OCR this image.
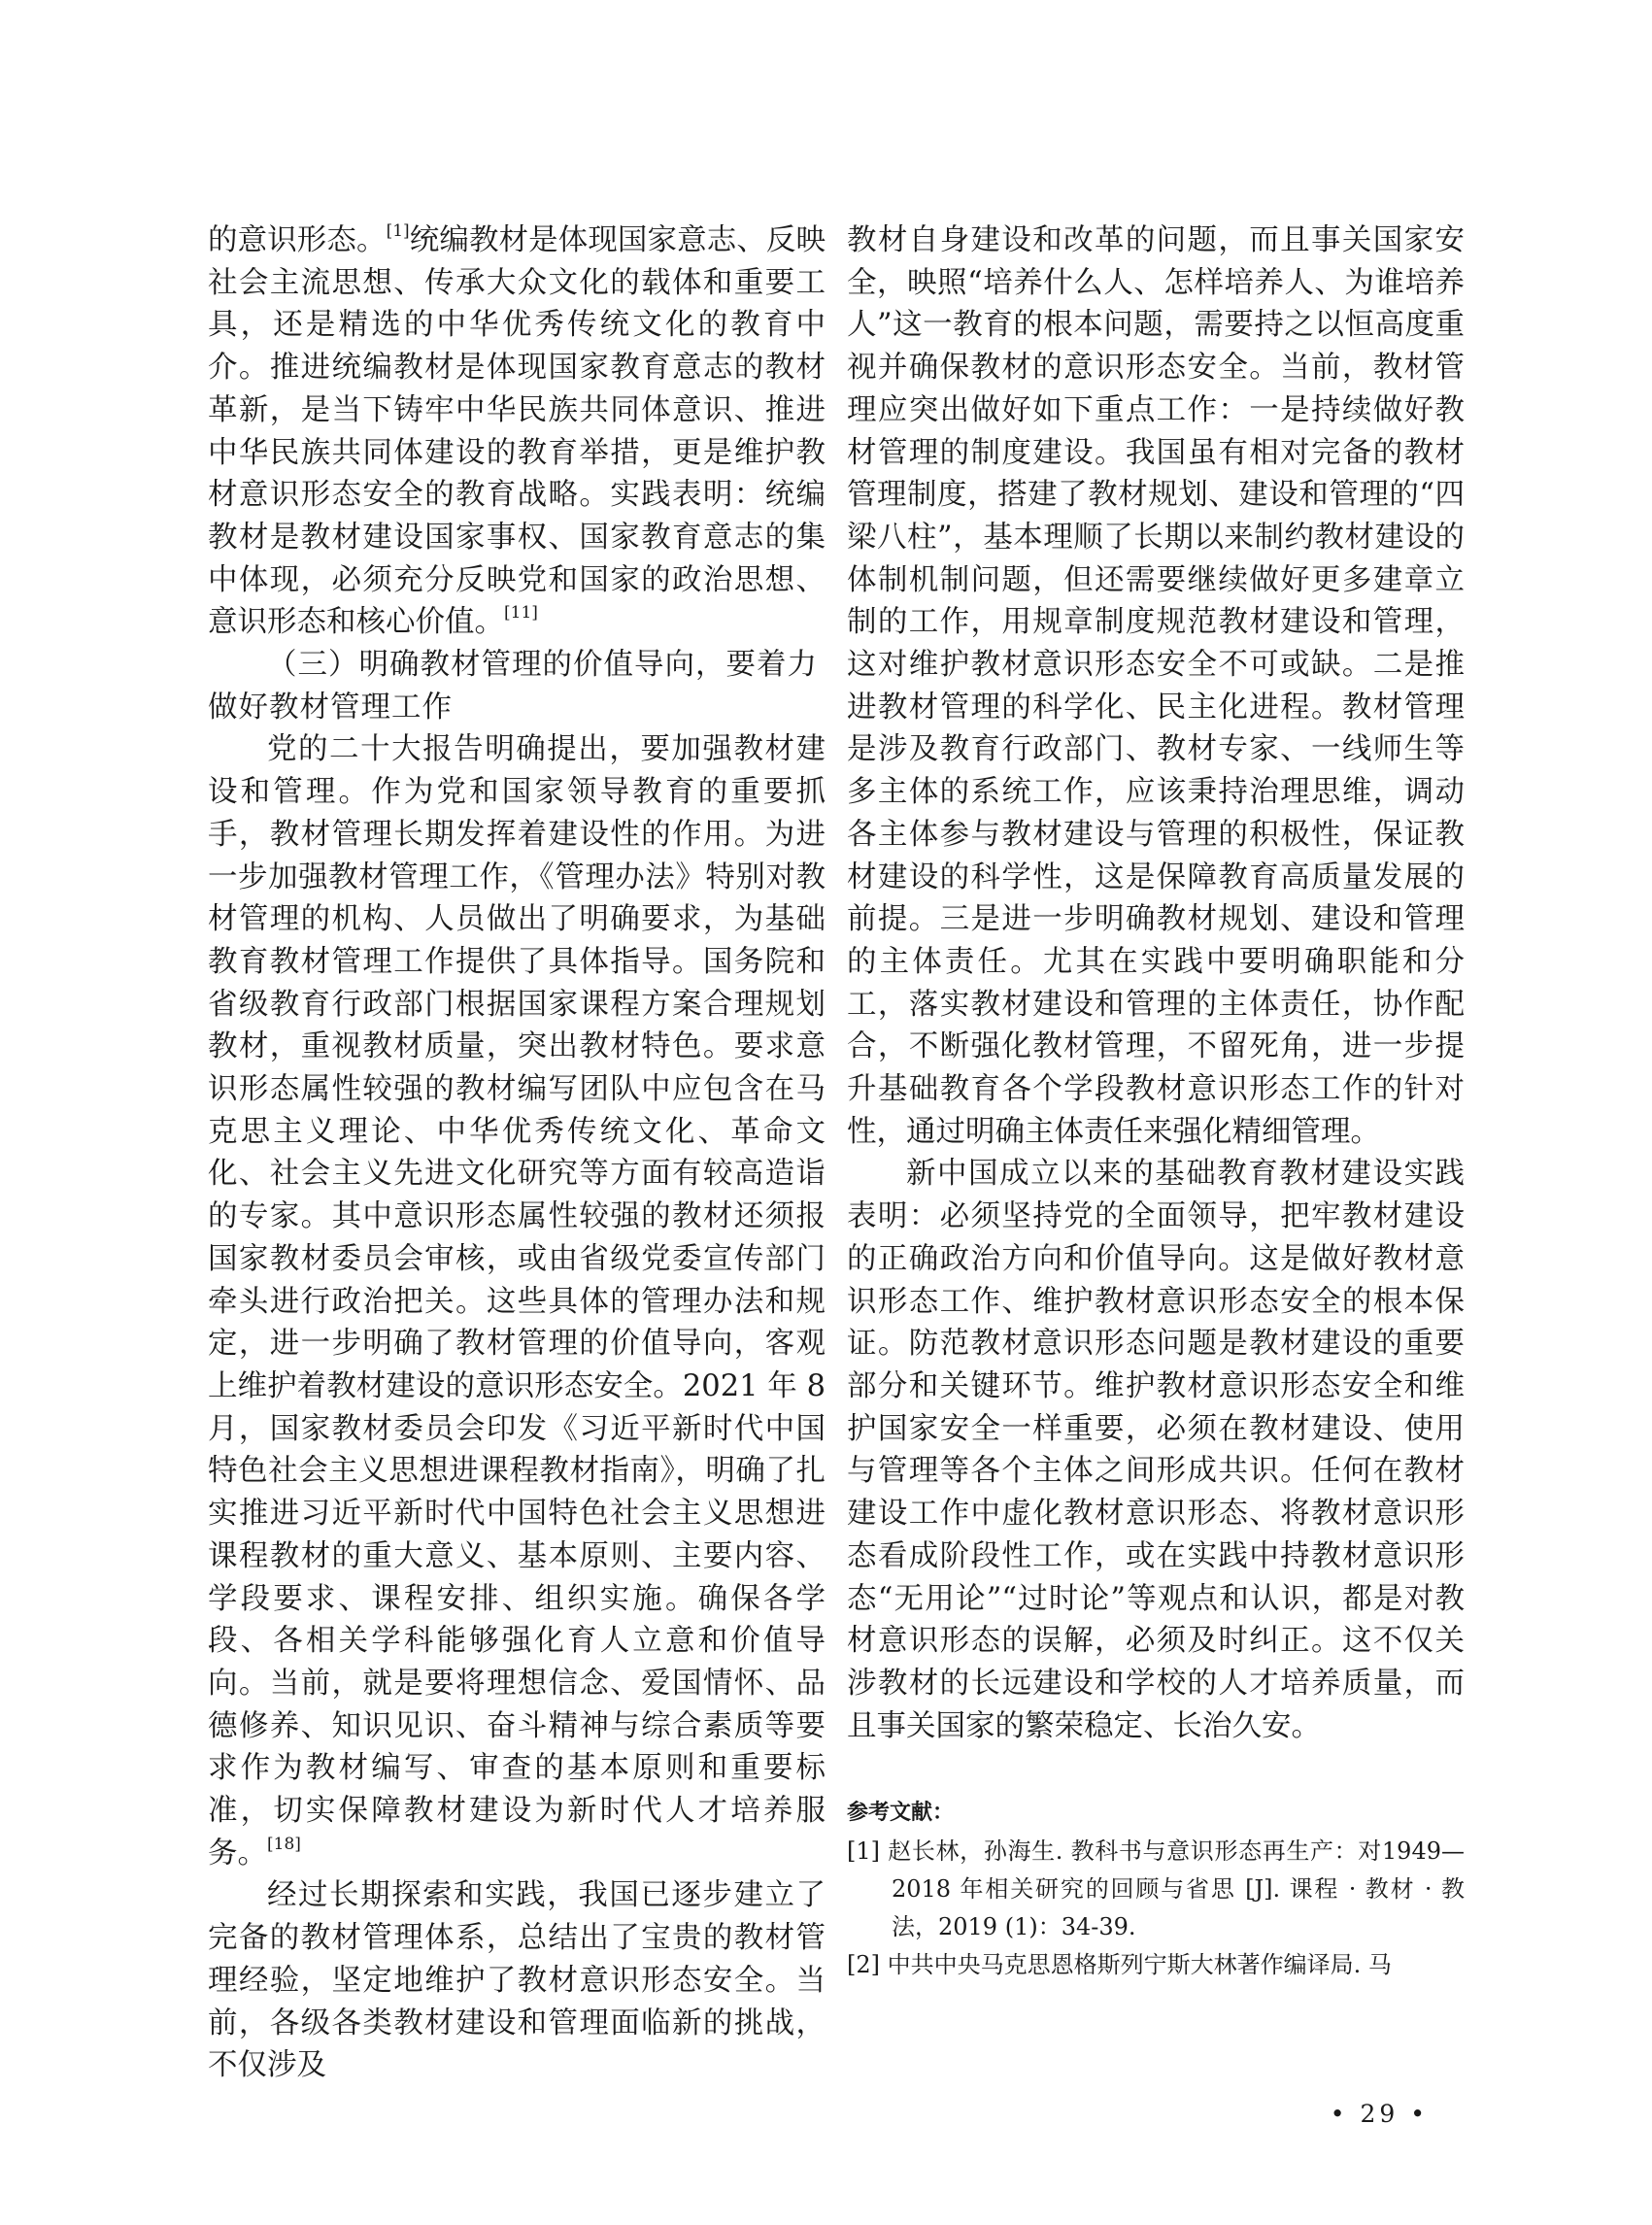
的意识形态。[1]统编教材是体现国家意志、反映社会主流思想、传承大众文化的载体和重要工具，还是精选的中华优秀传统文化的教育中介。推进统编教材是体现国家教育意志的教材革新，是当下铸牢中华民族共同体意识、推进中华民族共同体建设的教育举措，更是维护教材意识形态安全的教育战略。实践表明：统编教材是教材建设国家事权、国家教育意志的集中体现，必须充分反映党和国家的政治思想、意识形态和核心价值。[11]

（三）明确教材管理的价值导向，要着力做好教材管理工作

党的二十大报告明确提出，要加强教材建设和管理。作为党和国家领导教育的重要抓手，教材管理长期发挥着建设性的作用。为进一步加强教材管理工作，《管理办法》特别对教材管理的机构、人员做出了明确要求，为基础教育教材管理工作提供了具体指导。国务院和省级教育行政部门根据国家课程方案合理规划教材，重视教材质量，突出教材特色。要求意识形态属性较强的教材编写团队中应包含在马克思主义理论、中华优秀传统文化、革命文化、社会主义先进文化研究等方面有较高造诣的专家。其中意识形态属性较强的教材还须报国家教材委员会审核，或由省级党委宣传部门牵头进行政治把关。这些具体的管理办法和规定，进一步明确了教材管理的价值导向，客观上维护着教材建设的意识形态安全。2021 年 8 月，国家教材委员会印发《习近平新时代中国特色社会主义思想进课程教材指南》，明确了扎实推进习近平新时代中国特色社会主义思想进课程教材的重大意义、基本原则、主要内容、学段要求、课程安排、组织实施。确保各学段、各相关学科能够强化育人立意和价值导向。当前，就是要将理想信念、爱国情怀、品德修养、知识见识、奋斗精神与综合素质等要求作为教材编写、审查的基本原则和重要标准，切实保障教材建设为新时代人才培养服务。[18]

经过长期探索和实践，我国已逐步建立了完备的教材管理体系，总结出了宝贵的教材管理经验，坚定地维护了教材意识形态安全。当前，各级各类教材建设和管理面临新的挑战，不仅涉及

教材自身建设和改革的问题，而且事关国家安全，映照“培养什么人、怎样培养人、为谁培养人”这一教育的根本问题，需要持之以恒高度重视并确保教材的意识形态安全。当前，教材管理应突出做好如下重点工作：一是持续做好教材管理的制度建设。我国虽有相对完备的教材管理制度，搭建了教材规划、建设和管理的“四梁八柱”，基本理顺了长期以来制约教材建设的体制机制问题，但还需要继续做好更多建章立制的工作，用规章制度规范教材建设和管理，这对维护教材意识形态安全不可或缺。二是推进教材管理的科学化、民主化进程。教材管理是涉及教育行政部门、教材专家、一线师生等多主体的系统工作，应该秉持治理思维，调动各主体参与教材建设与管理的积极性，保证教材建设的科学性，这是保障教育高质量发展的前提。三是进一步明确教材规划、建设和管理的主体责任。尤其在实践中要明确职能和分工，落实教材建设和管理的主体责任，协作配合，不断强化教材管理，不留死角，进一步提升基础教育各个学段教材意识形态工作的针对性，通过明确主体责任来强化精细管理。

新中国成立以来的基础教育教材建设实践表明：必须坚持党的全面领导，把牢教材建设的正确政治方向和价值导向。这是做好教材意识形态工作、维护教材意识形态安全的根本保证。防范教材意识形态问题是教材建设的重要部分和关键环节。维护教材意识形态安全和维护国家安全一样重要，必须在教材建设、使用与管理等各个主体之间形成共识。任何在教材建设工作中虚化教材意识形态、将教材意识形态看成阶段性工作，或在实践中持教材意识形态“无用论”“过时论”等观点和认识，都是对教材意识形态的误解，必须及时纠正。这不仅关涉教材的长远建设和学校的人才培养质量，而且事关国家的繁荣稳定、长治久安。

参考文献：

[1] 赵长林，孙海生. 教科书与意识形态再生产：对1949—2018 年相关研究的回顾与省思 [J]. 课程 · 教材 · 教法，2019 (1)：34-39.

[2] 中共中央马克思恩格斯列宁斯大林著作编译局. 马

• 29 •
